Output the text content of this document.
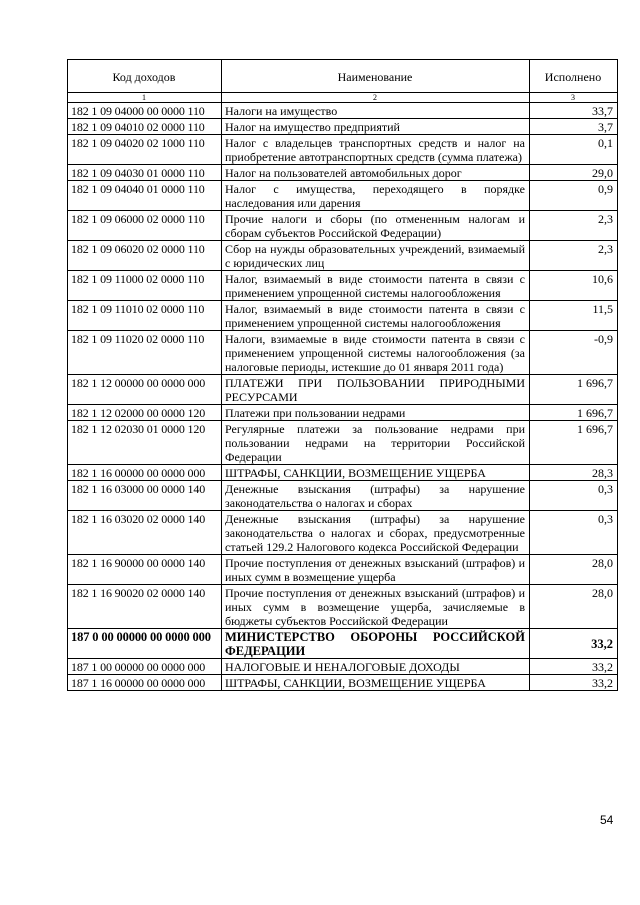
Код доходов	Наименование	Исполнено
1	2	3
182 1 09 04000 00 0000 110	Налоги на имущество	33,7
182 1 09 04010 02 0000 110	Налог на имущество предприятий	3,7
182 1 09 04020 02 1000 110	Налог с владельцев транспортных средств и налог на приобретение автотранспортных средств (сумма платежа)	0,1
182 1 09 04030 01 0000 110	Налог на пользователей автомобильных дорог	29,0
182 1 09 04040 01 0000 110	Налог с имущества, переходящего в порядке наследования или дарения	0,9
182 1 09 06000 02 0000 110	Прочие налоги и сборы (по отмененным налогам и сборам субъектов Российской Федерации)	2,3
182 1 09 06020 02 0000 110	Сбор на нужды образовательных учреждений, взимаемый с юридических лиц	2,3
182 1 09 11000 02 0000 110	Налог, взимаемый в виде стоимости патента в связи с применением упрощенной системы налогообложения	10,6
182 1 09 11010 02 0000 110	Налог, взимаемый в виде стоимости патента в связи с применением упрощенной системы налогообложения	11,5
182 1 09 11020 02 0000 110	Налоги, взимаемые в виде стоимости патента в связи с применением упрощенной системы налогообложения (за налоговые периоды, истекшие до 01 января 2011 года)	-0,9
182 1 12 00000 00 0000 000	ПЛАТЕЖИ ПРИ ПОЛЬЗОВАНИИ ПРИРОДНЫМИ РЕСУРСАМИ	1 696,7
182 1 12 02000 00 0000 120	Платежи при пользовании недрами	1 696,7
182 1 12 02030 01 0000 120	Регулярные платежи за пользование недрами при пользовании недрами на территории Российской Федерации	1 696,7
182 1 16 00000 00 0000 000	ШТРАФЫ, САНКЦИИ, ВОЗМЕЩЕНИЕ УЩЕРБА	28,3
182 1 16 03000 00 0000 140	Денежные взыскания (штрафы) за нарушение законодательства о налогах и сборах	0,3
182 1 16 03020 02 0000 140	Денежные взыскания (штрафы) за нарушение законодательства о налогах и сборах, предусмотренные статьей 129.2 Налогового кодекса Российской Федерации	0,3
182 1 16 90000 00 0000 140	Прочие поступления от денежных взысканий (штрафов) и иных сумм в возмещение ущерба	28,0
182 1 16 90020 02 0000 140	Прочие поступления от денежных взысканий (штрафов) и иных сумм в возмещение ущерба, зачисляемые в бюджеты субъектов Российской Федерации	28,0
187 0 00 00000 00 0000 000	МИНИСТЕРСТВО ОБОРОНЫ РОССИЙСКОЙ ФЕДЕРАЦИИ	33,2
187 1 00 00000 00 0000 000	НАЛОГОВЫЕ И НЕНАЛОГОВЫЕ ДОХОДЫ	33,2
187 1 16 00000 00 0000 000	ШТРАФЫ, САНКЦИИ, ВОЗМЕЩЕНИЕ УЩЕРБА	33,2
54
